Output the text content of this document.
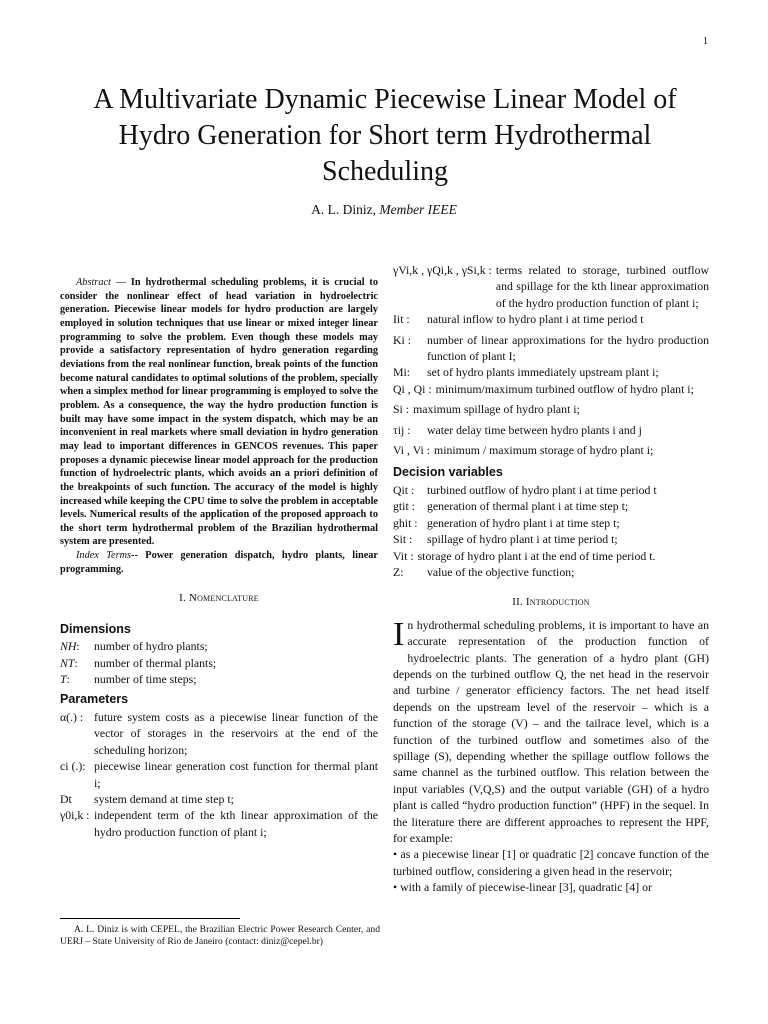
1
A Multivariate Dynamic Piecewise Linear Model of Hydro Generation for Short term Hydrothermal Scheduling
A. L. Diniz, Member IEEE

Abstract — In hydrothermal scheduling problems, it is crucial to consider the nonlinear effect of head variation in hydroelectric generation. Piecewise linear models for hydro production are largely employed in solution techniques that use linear or mixed integer linear programming to solve the problem. Even though these models may provide a satisfactory representation of hydro generation regarding deviations from the real nonlinear function, break points of the function become natural candidates to optimal solutions of the problem, specially when a simplex method for linear programming is employed to solve the problem. As a consequence, the way the hydro production function is built may have some impact in the system dispatch, which may be an inconvenient in real markets where small deviation in hydro generation may lead to important differences in GENCOS revenues. This paper proposes a dynamic piecewise linear model approach for the production function of hydroelectric plants, which avoids an a priori definition of the breakpoints of such function. The accuracy of the model is highly increased while keeping the CPU time to solve the problem in acceptable levels. Numerical results of the application of the proposed approach to the short term hydrothermal problem of the Brazilian hydrothermal system are presented.

Index Terms-- Power generation dispatch, hydro plants, linear programming.

I. Nomenclature
Dimensions
NH:	number of hydro plants;
NT:	number of thermal plants;
T:	number of time steps;
Parameters
α(.) : future system costs as a piecewise linear function of the vector of storages in the reservoirs at the end of the scheduling horizon;
ci (.): piecewise linear generation cost function for thermal plant i;
Dt	system demand at time step t;
γ0i,k : independent term of the kth linear approximation of the hydro production function of plant i;
A. L. Diniz is with CEPEL, the Brazilian Electric Power Research Center, and UERJ – State University of Rio de Janeiro (contact: diniz@cepel.br)
γVi,k , γQi,k , γSi,k : terms related to storage, turbined outflow and spillage for the kth linear approximation of the hydro production function of plant i;
Iit :	natural inflow to hydro plant i at time period t
Ki :	number of linear approximations for the hydro production function of plant I;
Mi:	set of hydro plants immediately upstream plant i;
Qi , Qi : minimum/maximum turbined outflow of hydro plant i;
Si : maximum spillage of hydro plant i;
τij :	water delay time between hydro plants i and j
Vi , Vi : minimum / maximum storage of hydro plant i;
Decision variables
Qit :	turbined outflow of hydro plant i at time period t
gtit :	generation of thermal plant i at time step t;
ghit : generation of hydro plant i at time step t;
Sit :	spillage of hydro plant i at time period t;
Vit : storage of hydro plant i at the end of time period t.
Z:	value of the objective function;
II. Introduction

In hydrothermal scheduling problems, it is important to have an accurate representation of the production function of hydroelectric plants. The generation of a hydro plant (GH) depends on the turbined outflow Q, the net head in the reservoir and turbine / generator efficiency factors. The net head itself depends on the upstream level of the reservoir – which is a function of the storage (V) – and the tailrace level, which is a function of the turbined outflow and sometimes also of the spillage (S), depending whether the spillage outflow follows the same channel as the turbined outflow. This relation between the input variables (V,Q,S) and the output variable (GH) of a hydro plant is called “hydro production function” (HPF) in the sequel. In the literature there are different approaches to represent the HPF, for example:

• as a piecewise linear [1] or quadratic [2] concave function of the turbined outflow, considering a given head in the reservoir;

• with a family of piecewise-linear [3], quadratic [4] or
